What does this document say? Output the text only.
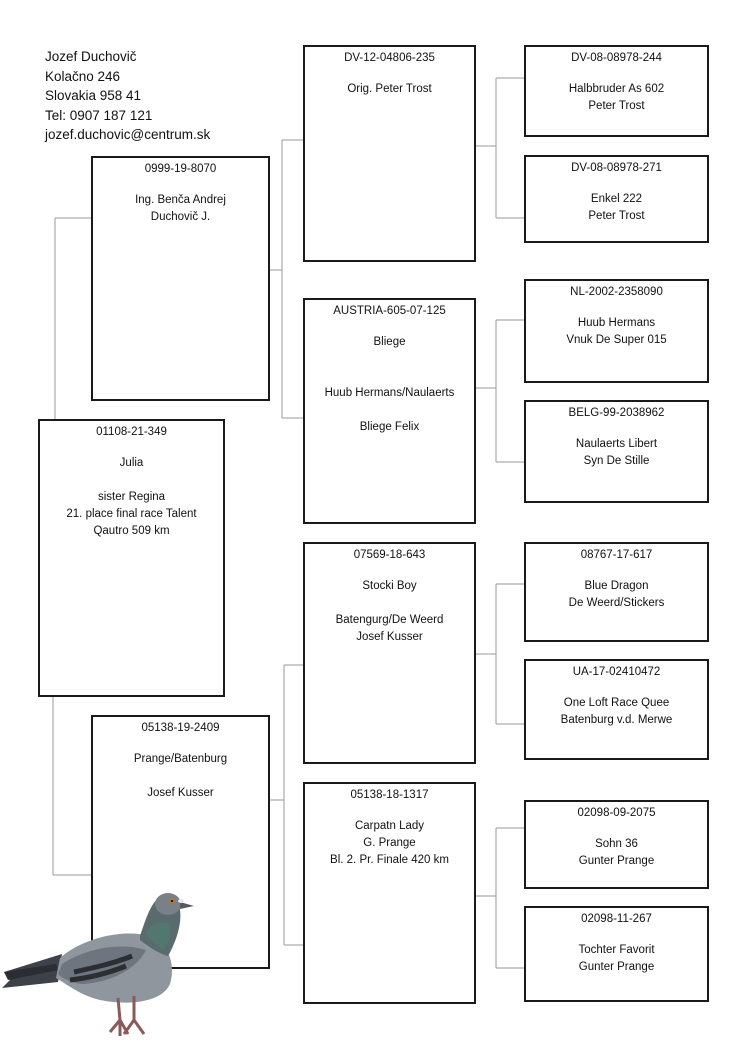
Jozef Duchovič
Kolačno 246
Slovakia 958 41
Tel: 0907 187 121
jozef.duchovic@centrum.sk
0999-19-8070
Ing. Benča Andrej
Duchovič J.
01108-21-349
Julia
sister Regina
21. place final race Talent
Qautro 509 km
05138-19-2409
Prange/Batenburg
Josef Kusser
DV-12-04806-235
Orig. Peter Trost
AUSTRIA-605-07-125
Bliege
Huub Hermans/Naulaerts
Bliege Felix
07569-18-643
Stocki Boy
Batengurg/De Weerd
Josef Kusser
05138-18-1317
Carpatn Lady
G. Prange
Bl. 2. Pr. Finale 420 km
DV-08-08978-244
Halbbruder As 602
Peter Trost
DV-08-08978-271
Enkel 222
Peter Trost
NL-2002-2358090
Huub Hermans
Vnuk De Super 015
BELG-99-2038962
Naulaerts Libert
Syn De Stille
08767-17-617
Blue Dragon
De Weerd/Stickers
UA-17-02410472
One Loft Race Quee
Batenburg v.d. Merwe
02098-09-2075
Sohn 36
Gunter Prange
02098-11-267
Tochter Favorit
Gunter Prange
